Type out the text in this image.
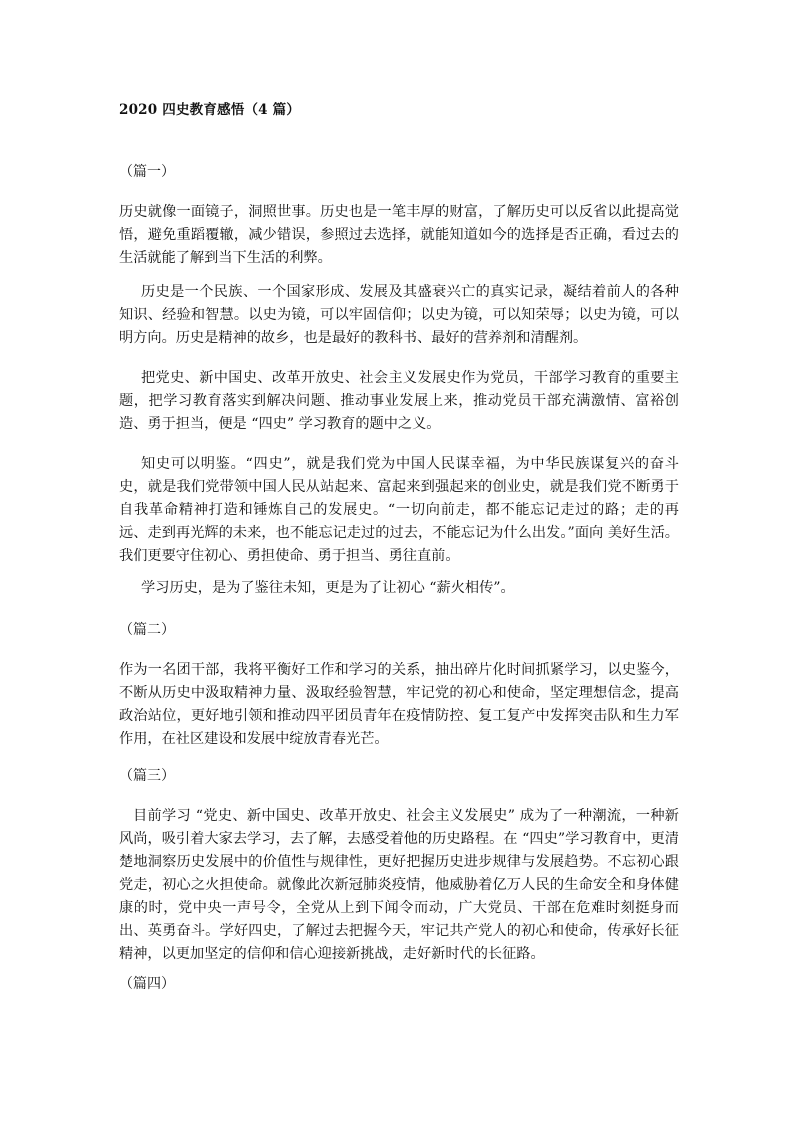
2020 四史教育感悟（4 篇）
（篇一）

历史就像一面镜子，洞照世事。历史也是一笔丰厚的财富，了解历史可以反省以此提高觉悟，避免重蹈覆辙，减少错误，参照过去选择，就能知道如今的选择是否正确，看过去的生活就能了解到当下生活的利弊。

历史是一个民族、一个国家形成、发展及其盛衰兴亡的真实记录，凝结着前人的各种知识、经验和智慧。以史为镜，可以牢固信仰；以史为镜，可以知荣辱；以史为镜，可以明方向。历史是精神的故乡，也是最好的教科书、最好的营养剂和清醒剂。

把党史、新中国史、改革开放史、社会主义发展史作为党员，干部学习教育的重要主题，把学习教育落实到解决问题、推动事业发展上来，推动党员干部充满激情、富裕创造、勇于担当，便是 “四史” 学习教育的题中之义。

知史可以明鉴。“四史”，就是我们党为中国人民谋幸福，为中华民族谋复兴的奋斗史，就是我们党带领中国人民从站起来、富起来到强起来的创业史，就是我们党不断勇于自我革命精神打造和锤炼自己的发展史。“一切向前走，都不能忘记走过的路；走的再远、走到再光辉的未来，也不能忘记走过的过去，不能忘记为什么出发。”面向 美好生活。我们更要守住初心、勇担使命、勇于担当、勇往直前。

学习历史，是为了鉴往未知，更是为了让初心 “薪火相传”。

（篇二）

作为一名团干部，我将平衡好工作和学习的关系，抽出碎片化时间抓紧学习，以史鉴今，不断从历史中汲取精神力量、汲取经验智慧，牢记党的初心和使命，坚定理想信念，提高政治站位，更好地引领和推动四平团员青年在疫情防控、复工复产中发挥突击队和生力军作用，在社区建设和发展中绽放青春光芒。

（篇三）

目前学习 “党史、新中国史、改革开放史、社会主义发展史” 成为了一种潮流，一种新风尚，吸引着大家去学习，去了解，去感受着他的历史路程。在 “四史”学习教育中，更清楚地洞察历史发展中的价值性与规律性，更好把握历史进步规律与发展趋势。不忘初心跟党走，初心之火担使命。就像此次新冠肺炎疫情，他威胁着亿万人民的生命安全和身体健康的时，党中央一声号令，全党从上到下闻令而动，广大党员、干部在危难时刻挺身而出、英勇奋斗。学好四史，了解过去把握今天，牢记共产党人的初心和使命，传承好长征精神，以更加坚定的信仰和信心迎接新挑战，走好新时代的长征路。

（篇四）
